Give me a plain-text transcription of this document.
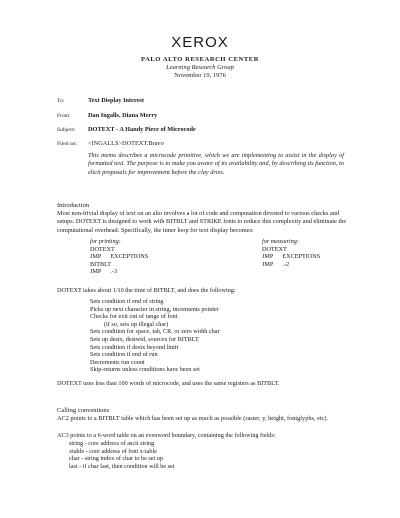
XEROX
PALO ALTO RESEARCH CENTER
Learning Research Group
November 19, 1976
To:	Text Display Interest
From:	Dan Ingalls, Diana Merry
Subject: DOTEXT - A Handy Piece of Microcode
Filed on: <INGALLS>DOTEXT.Bravo
This memo describes a microcode primitive, which we are implementing to assist in the display of formatted text. The purpose is to make you aware of its availability and, by describing its function, to elicit proposals for improvement before the clay dries.
Introduction
Most non-trivial display of text on an alto involves a lot of code and computation devoted to various checks and setups. DOTEXT is designed to work with BITBLT and STRIKE fonts to reduce this complexity and eliminate the computational overhead. Specifically, the inner loop for text display becomes:
for printing:
DOTEXT
JMP      EXCEPTIONS
BITBLT
JMP      .-3
for measuring:
DOTEXT
JMP      EXCEPTIONS
JMP      .-2
DOTEXT takes about 1/10 the time of BITBLT, and does the following:
Sets condition if end of string
Picks up next character in string, increments pointer
Checks for exit out of range of font
(if so, sets up illegal char)
Sets condition for space, tab, CR, or zero width char
Sets up destx, destwid, sourcex for BITBLT
Sets condition if destx beyond limit
Sets condition if end of run
Decrements run count
Skip-returns unless conditions have been set
DOTEXT uses less than 100 words of microcode, and uses the same registers as BITBLT.
Calling conventions
AC2 points to a BITBLT table which has been set up as much as possible (raster, y, height, fontglyphs, etc).
AC3 points to a 6-word table on an evenword boundary, containing the following fields:
string - core address of ascii string
xtable - core address of font x-table
char - string index of char to be set up
last - if char last, then condition will be set
